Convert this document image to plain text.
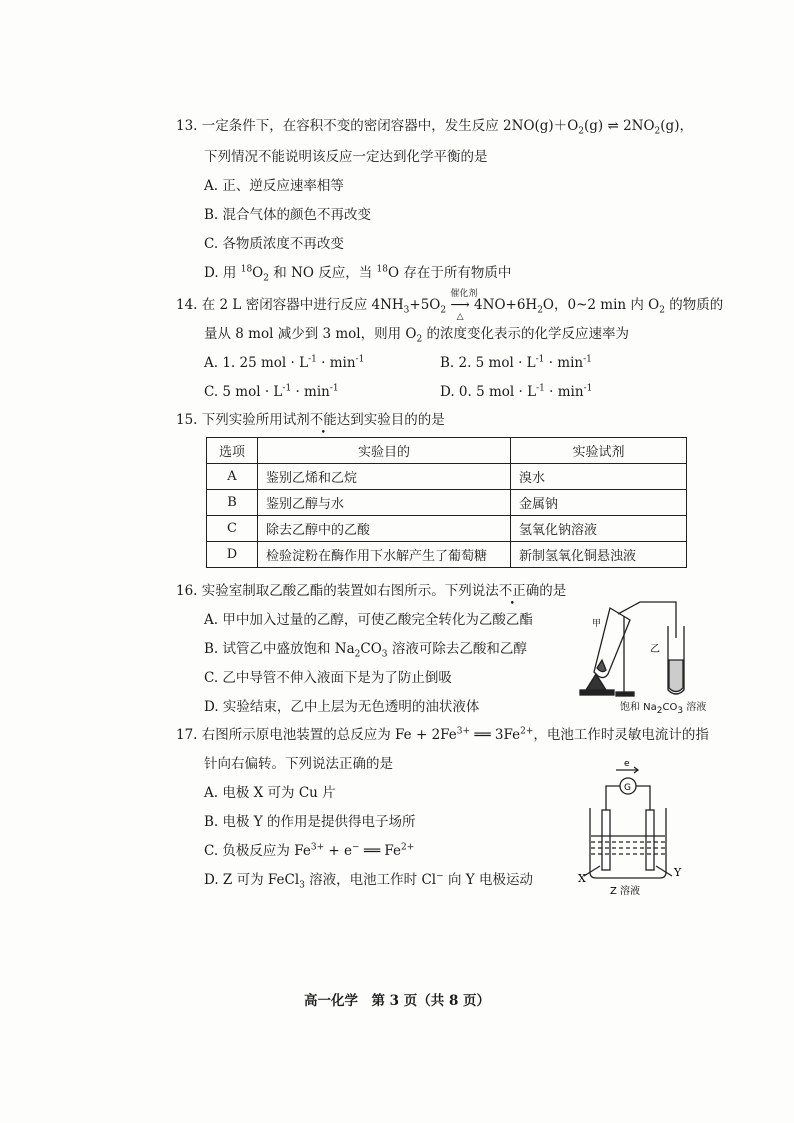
13. 一定条件下，在容积不变的密闭容器中，发生反应 $2NO(g)+O_2(g)$ ⇌ $2NO_2(g)$，
下列情况不能说明该反应一定达到化学平衡的是
A. 正、逆反应速率相等
B. 混合气体的颜色不再改变
C. 各物质浓度不再改变
D. 用 $^{18}O_2$ 和 NO 反应，当 $^{18}$O 存在于所有物质中
14. 在 2 L 密闭容器中进行反应 $4NH_3+5O_2$
催化剂
⟶
△
$4NO+6H_2O$，0~2 min 内 $O_2$ 的物质的
量从 8 mol 减少到 3 mol，则用 $O_2$ 的浓度变化表示的化学反应速率为
A. 1. 25 mol · $L^{-1} \cdot \min^{-1}$	B. 2. 5 mol · $L^{-1} \cdot \min^{-1}$
C. 5 mol · $L^{-1} \cdot \min^{-1}$	D. 0. 5 mol · $L^{-1} \cdot \min^{-1}$
15. 下列实验所用试剂不能达到实验目的的是
选项	实验目的	实验试剂
A	鉴别乙烯和乙烷	溴水
B	鉴别乙醇与水	金属钠
C	除去乙醇中的乙酸	氢氧化钠溶液
D	检验淀粉在酶作用下水解产生了葡萄糖	新制氢氧化铜悬浊液
16. 实验室制取乙酸乙酯的装置如右图所示。下列说法不正确的是
A. 甲中加入过量的乙醇，可使乙酸完全转化为乙酸乙酯
B. 试管乙中盛放饱和 $Na_2CO_3$ 溶液可除去乙酸和乙醇
C. 乙中导管不伸入液面下是为了防止倒吸
D. 实验结束，乙中上层为无色透明的油状液体
甲
乙
饱和 $Na_2CO_3$ 溶液
17. 右图所示原电池装置的总反应为 $Fe + 2Fe^{3+}$ ══ $3Fe^{2+}$，电池工作时灵敏电流计的指
针向右偏转。下列说法正确的是
A. 电极 X 可为 Cu 片
B. 电极 Y 的作用是提供得电子场所
C. 负极反应为 $Fe^{3+} + e^-$ ══ $Fe^{2+}$
D. Z 可为 FeCl$_3$ 溶液，电池工作时 Cl− 向 Y 电极运动
e
G
X	Y
Z 溶液
高一化学　第 3 页（共 8 页）
